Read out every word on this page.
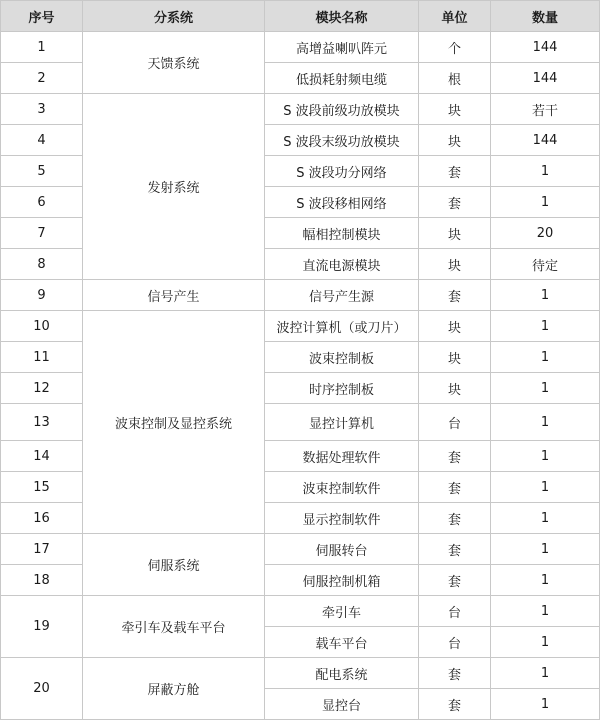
序号	分系统	模块名称	单位	数量
1	天馈系统	高增益喇叭阵元	个	144
2		低损耗射频电缆	根	144
3	发射系统	S 波段前级功放模块	块	若干
4		S 波段末级功放模块	块	144
5		S 波段功分网络	套	1
6		S 波段移相网络	套	1
7		幅相控制模块	块	20
8		直流电源模块	块	待定
9	信号产生	信号产生源	套	1
10	波束控制及显控系统	波控计算机（或刀片）	块	1
11		波束控制板	块	1
12		时序控制板	块	1
13		显控计算机	台	1
14		数据处理软件	套	1
15		波束控制软件	套	1
16		显示控制软件	套	1
17	伺服系统	伺服转台	套	1
18		伺服控制机箱	套	1
19	牵引车及载车平台	牵引车	台	1
		载车平台	台	1
20	屏蔽方舱	配电系统	套	1
		显控台	套	1
